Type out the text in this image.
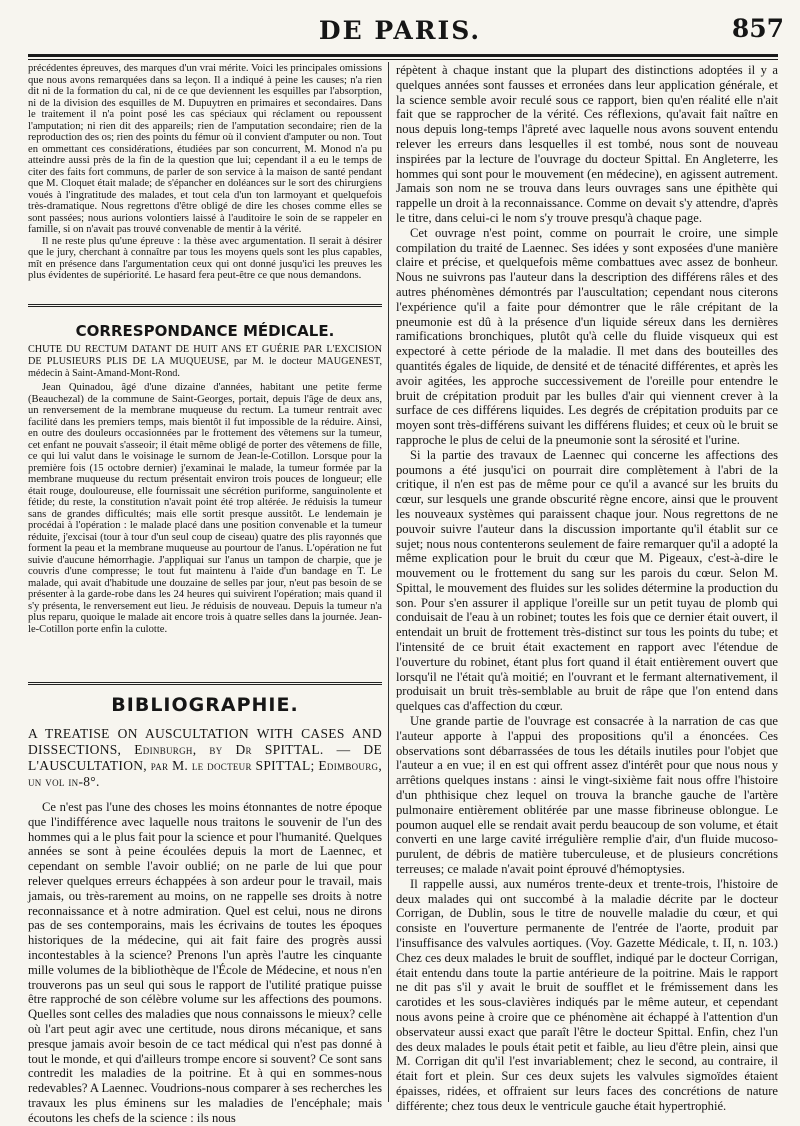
DE PARIS.	857

précédentes épreuves, des marques d'un vrai mérite. Voici les principales omissions que nous avons remarquées dans sa leçon. Il a indiqué à peine les causes; n'a rien dit ni de la formation du cal, ni de ce que deviennent les esquilles par l'absorption, ni de la division des esquilles de M. Dupuytren en primaires et secondaires. Dans le traitement il n'a point posé les cas spéciaux qui réclament ou repoussent l'amputation; ni rien dit des appareils; rien de l'amputation secondaire; rien de la reproduction des os; rien des points du fémur où il convient d'amputer ou non. Tout en ommettant ces considérations, étudiées par son concurrent, M. Monod n'a pu atteindre aussi près de la fin de la question que lui; cependant il a eu le temps de citer des faits fort communs, de parler de son service à la maison de santé pendant que M. Cloquet était malade; de s'épancher en doléances sur le sort des chirurgiens voués à l'ingratitude des malades, et tout cela d'un ton larmoyant et quelquefois très-dramatique. Nous regrettons d'être obligé de dire les choses comme elles se sont passées; nous aurions volontiers laissé à l'auditoire le soin de se rappeler en famille, si on n'avait pas trouvé convenable de mentir à la vérité.

Il ne reste plus qu'une épreuve : la thèse avec argumentation. Il serait à désirer que le jury, cherchant à connaître par tous les moyens quels sont les plus capables, mît en présence dans l'argumentation ceux qui ont donné jusqu'ici les preuves les plus évidentes de supériorité. Le hasard fera peut-être ce que nous demandons.

CORRESPONDANCE MÉDICALE.

CHUTE DU RECTUM DATANT DE HUIT ANS ET GUÉRIE PAR L'EXCISION DE PLUSIEURS PLIS DE LA MUQUEUSE, par M. le docteur MAUGENEST, médecin à Saint-Amand-Mont-Rond.

Jean Quinadou, âgé d'une dizaine d'années, habitant une petite ferme (Beauchezal) de la commune de Saint-Georges, portait, depuis l'âge de deux ans, un renversement de la membrane muqueuse du rectum. La tumeur rentrait avec facilité dans les premiers temps, mais bientôt il fut impossible de la réduire. Ainsi, en outre des douleurs occasionnées par le frottement des vêtemens sur la tumeur, cet enfant ne pouvait s'asseoir; il était même obligé de porter des vêtemens de fille, ce qui lui valut dans le voisinage le surnom de Jean-le-Cotillon. Lorsque pour la première fois (15 octobre dernier) j'examinai le malade, la tumeur formée par la membrane muqueuse du rectum présentait environ trois pouces de longueur; elle était rouge, douloureuse, elle fournissait une sécrétion puriforme, sanguinolente et fétide; du reste, la constitution n'avait point été trop altérée. Je réduisis la tumeur sans de grandes difficultés; mais elle sortit presque aussitôt. Le lendemain je procédai à l'opération : le malade placé dans une position convenable et la tumeur réduite, j'excisai (tour à tour d'un seul coup de ciseau) quatre des plis rayonnés que forment la peau et la membrane muqueuse au pourtour de l'anus. L'opération ne fut suivie d'aucune hémorrhagie. J'appliquai sur l'anus un tampon de charpie, que je couvris d'une compresse; le tout fut maintenu à l'aide d'un bandage en T. Le malade, qui avait d'habitude une douzaine de selles par jour, n'eut pas besoin de se présenter à la garde-robe dans les 24 heures qui suivirent l'opération; mais quand il s'y présenta, le renversement eut lieu. Je réduisis de nouveau. Depuis la tumeur n'a plus reparu, quoique le malade ait encore trois à quatre selles dans la journée. Jean-le-Cotillon porte enfin la culotte.

BIBLIOGRAPHIE.

A TREATISE ON AUSCULTATION WITH CASES AND DISSECTIONS, Edinburgh, by Dr SPITTAL. — DE L'AUSCULTATION, par M. le docteur SPITTAL; Edimbourg, un vol in-8°.

Ce n'est pas l'une des choses les moins étonnantes de notre époque que l'indifférence avec laquelle nous traitons le souvenir de l'un des hommes qui a le plus fait pour la science et pour l'humanité. Quelques années se sont à peine écoulées depuis la mort de Laennec, et cependant on semble l'avoir oublié; on ne parle de lui que pour relever quelques erreurs échappées à son ardeur pour le travail, mais jamais, ou très-rarement au moins, on ne rappelle ses droits à notre reconnaissance et à notre admiration. Quel est celui, nous ne dirons pas de ses contemporains, mais les écrivains de toutes les époques historiques de la médecine, qui ait fait faire des progrès aussi incontestables à la science? Prenons l'un après l'autre les cinquante mille volumes de la bibliothèque de l'École de Médecine, et nous n'en trouverons pas un seul qui sous le rapport de l'utilité pratique puisse être rapproché de son célèbre volume sur les affections des poumons. Quelles sont celles des maladies que nous connaissons le mieux? celle où l'art peut agir avec une certitude, nous dirons mécanique, et sans presque jamais avoir besoin de ce tact médical qui n'est pas donné à tout le monde, et qui d'ailleurs trompe encore si souvent? Ce sont sans contredit les maladies de la poitrine. Et à qui en sommes-nous redevables? A Laennec. Voudrions-nous comparer à ses recherches les travaux les plus éminens sur les maladies de l'encéphale; mais écoutons les chefs de la science : ils nous

répètent à chaque instant que la plupart des distinctions adoptées il y a quelques années sont fausses et erronées dans leur application générale, et la science semble avoir reculé sous ce rapport, bien qu'en réalité elle n'ait fait que se rapprocher de la vérité. Ces réflexions, qu'avait fait naître en nous depuis long-temps l'âpreté avec laquelle nous avons souvent entendu relever les erreurs dans lesquelles il est tombé, nous sont de nouveau inspirées par la lecture de l'ouvrage du docteur Spittal. En Angleterre, les hommes qui sont pour le mouvement (en médecine), en agissent autrement. Jamais son nom ne se trouva dans leurs ouvrages sans une épithète qui rappelle un droit à la reconnaissance. Comme on devait s'y attendre, d'après le titre, dans celui-ci le nom s'y trouve presqu'à chaque page.

Cet ouvrage n'est point, comme on pourrait le croire, une simple compilation du traité de Laennec. Ses idées y sont exposées d'une manière claire et précise, et quelquefois même combattues avec assez de bonheur. Nous ne suivrons pas l'auteur dans la description des différens râles et des autres phénomènes démontrés par l'auscultation; cependant nous citerons l'expérience qu'il a faite pour démontrer que le râle crépitant de la pneumonie est dû à la présence d'un liquide séreux dans les dernières ramifications bronchiques, plutôt qu'à celle du fluide visqueux qui est expectoré à cette période de la maladie. Il met dans des bouteilles des quantités égales de liquide, de densité et de ténacité différentes, et après les avoir agitées, les approche successivement de l'oreille pour entendre le bruit de crépitation produit par les bulles d'air qui viennent crever à la surface de ces différens liquides. Les degrés de crépitation produits par ce moyen sont très-différens suivant les différens fluides; et ceux où le bruit se rapproche le plus de celui de la pneumonie sont la sérosité et l'urine.

Si la partie des travaux de Laennec qui concerne les affections des poumons a été jusqu'ici on pourrait dire complètement à l'abri de la critique, il n'en est pas de même pour ce qu'il a avancé sur les bruits du cœur, sur lesquels une grande obscurité règne encore, ainsi que le prouvent les nouveaux systèmes qui paraissent chaque jour. Nous regrettons de ne pouvoir suivre l'auteur dans la discussion importante qu'il établit sur ce sujet; nous nous contenterons seulement de faire remarquer qu'il a adopté la même explication pour le bruit du cœur que M. Pigeaux, c'est-à-dire le mouvement ou le frottement du sang sur les parois du cœur. Selon M. Spittal, le mouvement des fluides sur les solides détermine la production du son. Pour s'en assurer il applique l'oreille sur un petit tuyau de plomb qui conduisait de l'eau à un robinet; toutes les fois que ce dernier était ouvert, il entendait un bruit de frottement très-distinct sur tous les points du tube; et l'intensité de ce bruit était exactement en rapport avec l'étendue de l'ouverture du robinet, étant plus fort quand il était entièrement ouvert que lorsqu'il ne l'était qu'à moitié; en l'ouvrant et le fermant alternativement, il produisait un bruit très-semblable au bruit de râpe que l'on entend dans quelques cas d'affection du cœur.

Une grande partie de l'ouvrage est consacrée à la narration de cas que l'auteur apporte à l'appui des propositions qu'il a énoncées. Ces observations sont débarrassées de tous les détails inutiles pour l'objet que l'auteur a en vue; il en est qui offrent assez d'intérêt pour que nous nous y arrêtions quelques instans : ainsi le vingt-sixième fait nous offre l'histoire d'un phthisique chez lequel on trouva la branche gauche de l'artère pulmonaire entièrement oblitérée par une masse fibrineuse oblongue. Le poumon auquel elle se rendait avait perdu beaucoup de son volume, et était converti en une large cavité irrégulière remplie d'air, d'un fluide mucoso-purulent, de débris de matière tuberculeuse, et de plusieurs concrétions terreuses; ce malade n'avait point éprouvé d'hémoptysies.

Il rappelle aussi, aux numéros trente-deux et trente-trois, l'histoire de deux malades qui ont succombé à la maladie décrite par le docteur Corrigan, de Dublin, sous le titre de nouvelle maladie du cœur, et qui consiste en l'ouverture permanente de l'entrée de l'aorte, produit par l'insuffisance des valvules aortiques. (Voy. Gazette Médicale, t. II, n. 103.) Chez ces deux malades le bruit de soufflet, indiqué par le docteur Corrigan, était entendu dans toute la partie antérieure de la poitrine. Mais le rapport ne dit pas s'il y avait le bruit de soufflet et le frémissement dans les carotides et les sous-clavières indiqués par le même auteur, et cependant nous avons peine à croire que ce phénomène ait échappé à l'attention d'un observateur aussi exact que paraît l'être le docteur Spittal. Enfin, chez l'un des deux malades le pouls était petit et faible, au lieu d'être plein, ainsi que M. Corrigan dit qu'il l'est invariablement; chez le second, au contraire, il était fort et plein. Sur ces deux sujets les valvules sigmoïdes étaient épaisses, ridées, et offraient sur leurs faces des concrétions de nature différente; chez tous deux le ventricule gauche était hypertrophié.
